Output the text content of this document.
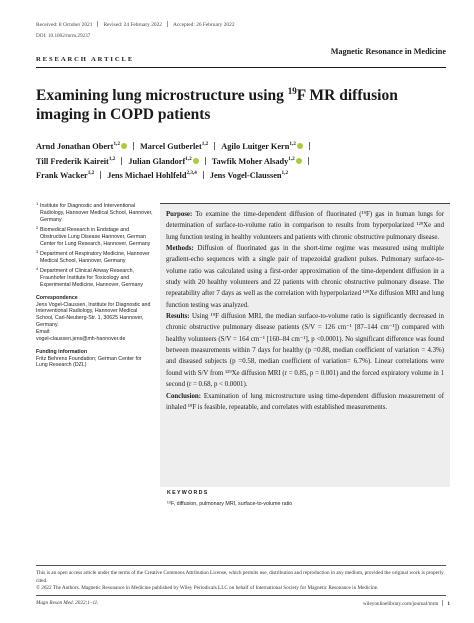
Received: 8 October 2021 Revised: 24 February 2022 Accepted: 26 February 2022
DOI: 10.1002/mrm.29237
Magnetic Resonance in Medicine
RESEARCH ARTICLE
Examining lung microstructure using $^{19}$F MR diffusion imaging in COPD patients
Arnd Jonathan Obert$^{1,2}$ Marcel Gutberlet$^{1,2}$ Agilo Luitger Kern$^{1,2}$
Till Frederik Kaireit$^{1,2}$ Julian Glandorf$^{1,2}$ Tawfik Moher Alsady$^{1,2}$
Frank Wacker$^{1,2}$ Jens Michael Hohlfeld$^{2,3,4}$ Jens Vogel-Claussen$^{1,2}$
1 Institute for Diagnostic and Interventional Radiology, Hannover Medical School, Hannover, Germany
2 Biomedical Research in Endstage and Obstructive Lung Disease Hannover, German Center for Lung Research, Hannover, Germany
3 Department of Respiratory Medicine, Hannover Medical School, Hannover, Germany
4 Department of Clinical Airway Research, Fraunhofer Institute for Toxicology and Experimental Medicine, Hannover, Germany
Correspondence
Jens Vogel-Claussen, Institute for Diagnostic and Interventional Radiology, Hannover Medical School, Carl-Neuberg-Str. 1, 30625 Hannover, Germany.
Email:
vogel-claussen.jens@mh-hannover.de
Funding information
Fritz Behrens Foundation; German Center for Lung Research (DZL)
Purpose: To examine the time-dependent diffusion of fluorinated (¹⁹F) gas in human lungs for determination of surface-to-volume ratio in comparison to results from hyperpolarized ¹²⁹Xe and lung function testing in healthy volunteers and patients with chronic obstructive pulmonary disease.
Methods: Diffusion of fluorinated gas in the short-time regime was measured using multiple gradient-echo sequences with a single pair of trapezoidal gradient pulses. Pulmonary surface-to-volume ratio was calculated using a first-order approximation of the time-dependent diffusion in a study with 20 healthy volunteers and 22 patients with chronic obstructive pulmonary disease. The repeatability after 7 days as well as the correlation with hyperpolarized ¹²⁹Xe diffusion MRI and lung function testing was analyzed.
Results: Using ¹⁹F diffusion MRI, the median surface-to-volume ratio is significantly decreased in chronic obstructive pulmonary disease patients (S/V = 126 cm⁻¹ [87–144 cm⁻¹]) compared with healthy volunteers (S/V = 164 cm⁻¹ [160–84 cm⁻¹], p <0.0001). No significant difference was found between measurements within 7 days for healthy (p =0.88, median coefficient of variation = 4.3%) and diseased subjects (p =0.58, median coefficient of variation= 6.7%). Linear correlations were found with S/V from ¹²⁹Xe diffusion MRI (r = 0.85, p = 0.001) and the forced expiratory volume in 1 second (r = 0.68, p < 0.0001).
Conclusion: Examination of lung microstructure using time-dependent diffusion measurement of inhaled ¹⁹F is feasible, repeatable, and correlates with established measurements.
KEYWORDS
¹⁹F, diffusion, pulmonary MRI, surface-to-volume ratio
This is an open access article under the terms of the Creative Commons Attribution License, which permits use, distribution and reproduction in any medium, provided the original work is properly cited.
© 2022 The Authors. Magnetic Resonance in Medicine published by Wiley Periodicals LLC on behalf of International Society for Magnetic Resonance in Medicine.
Magn Reson Med. 2022;1–11.	wileyonlinelibrary.com/journal/mrm 1
